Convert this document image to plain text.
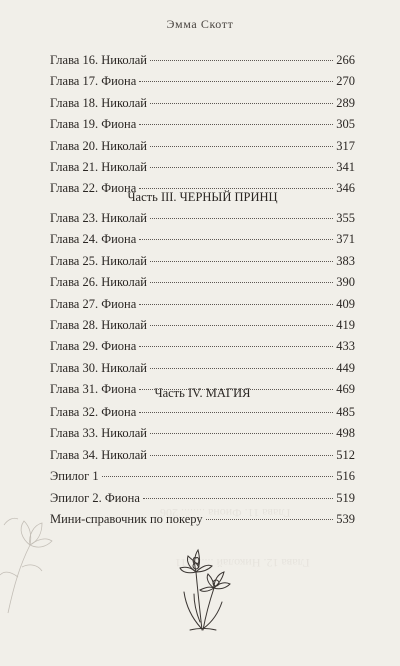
Глава 11. Фиона ........ 206
Глава 12. Николай ...... 211
Эмма Скотт
Глава 16. Николай	266
Глава 17. Фиона	270
Глава 18. Николай	289
Глава 19. Фиона	305
Глава 20. Николай	317
Глава 21. Николай	341
Глава 22. Фиона	346
Часть III. ЧЕРНЫЙ ПРИНЦ
Глава 23. Николай	355
Глава 24. Фиона	371
Глава 25. Николай	383
Глава 26. Николай	390
Глава 27. Фиона	409
Глава 28. Николай	419
Глава 29. Фиона	433
Глава 30. Николай	449
Глава 31. Фиона	469
Часть IV. МАГИЯ
Глава 32. Фиона	485
Глава 33. Николай	498
Глава 34. Николай	512
Эпилог 1	516
Эпилог 2. Фиона	519
Мини-справочник по покеру	539
